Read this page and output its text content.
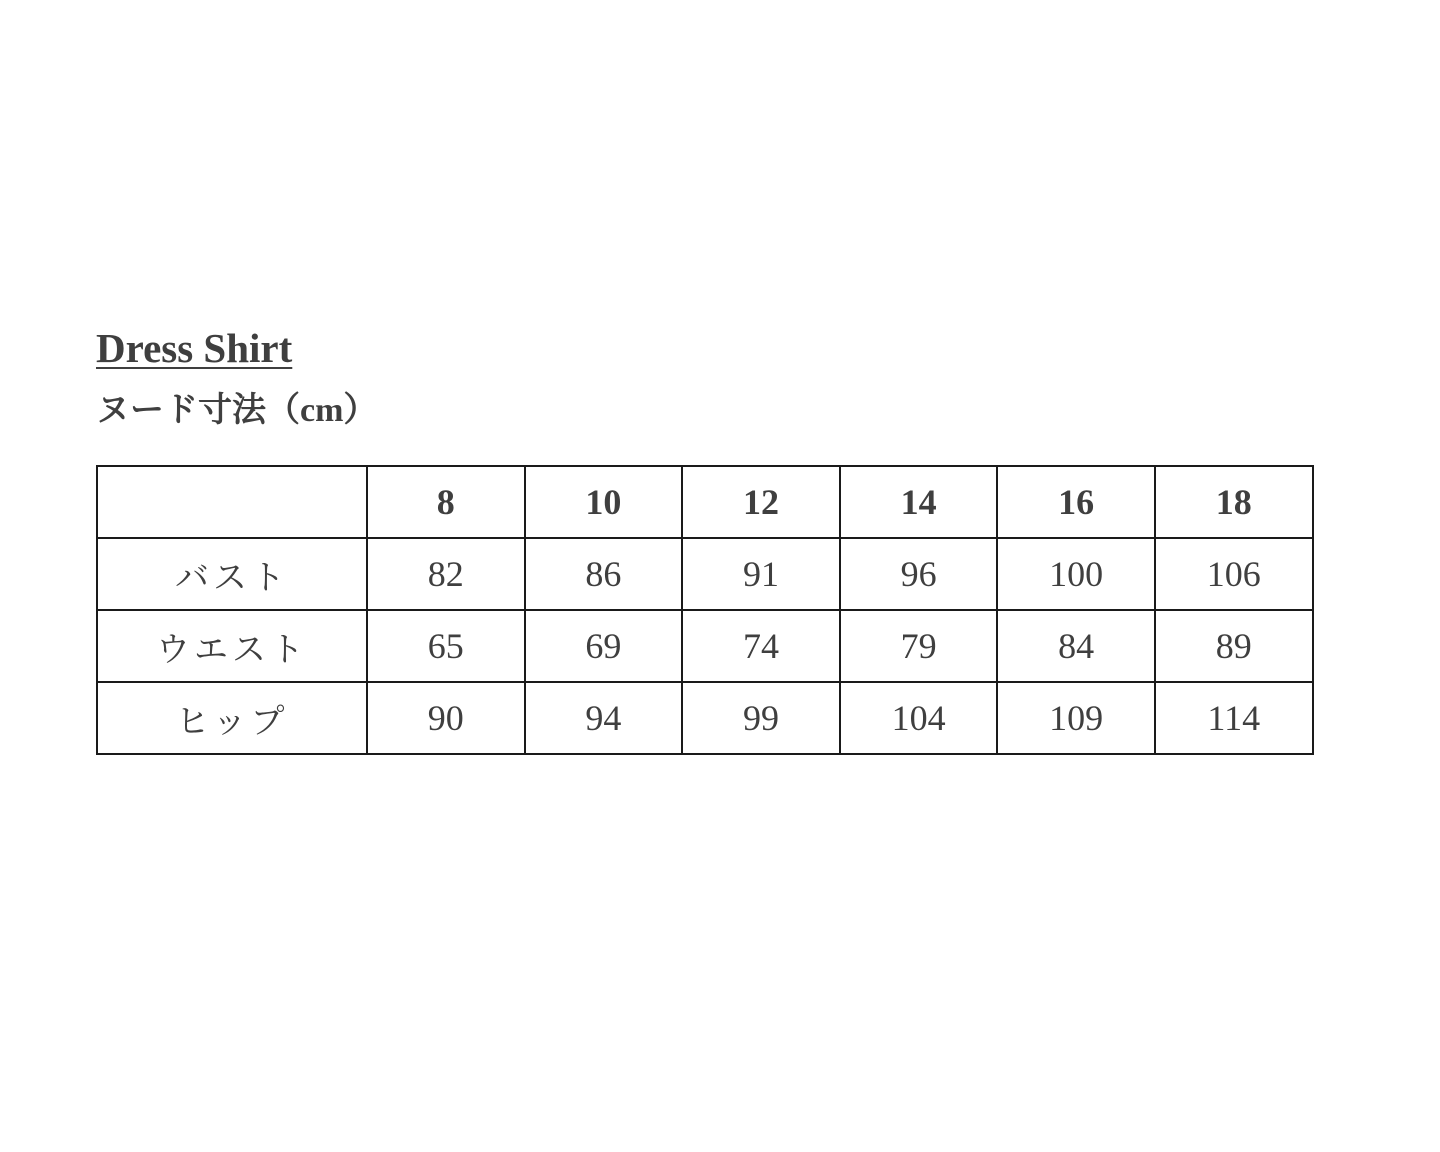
Dress Shirt
ヌード寸法（cm）
	8	10	12	14	16	18
バスト	82	86	91	96	100	106
ウエスト	65	69	74	79	84	89
ヒップ	90	94	99	104	109	114
